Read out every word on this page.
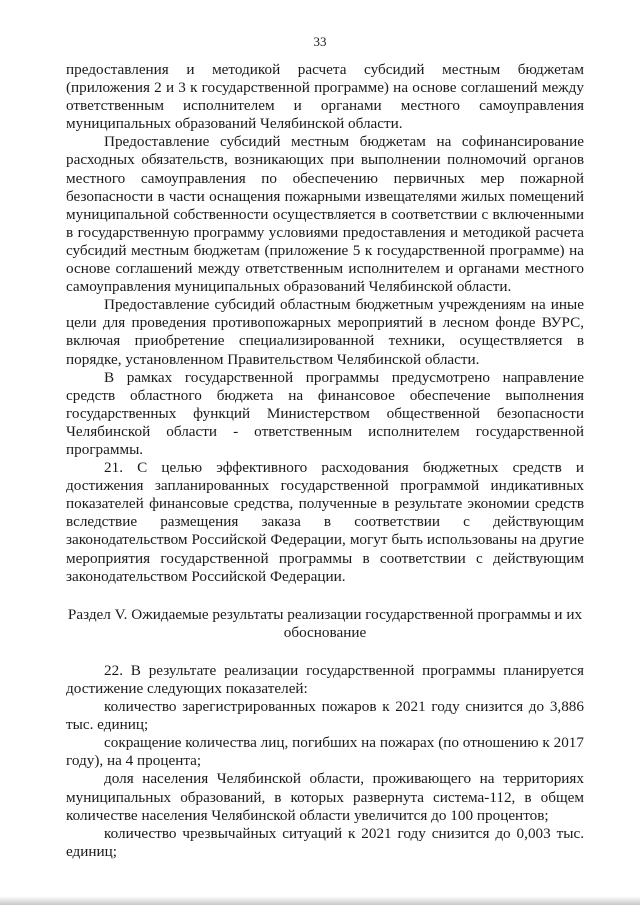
33

предоставления и методикой расчета субсидий местным бюджетам (приложения 2 и 3 к государственной программе) на основе соглашений между ответственным исполнителем и органами местного самоуправления муниципальных образований Челябинской области.

Предоставление субсидий местным бюджетам на софинансирование расходных обязательств, возникающих при выполнении полномочий органов местного самоуправления по обеспечению первичных мер пожарной безопасности в части оснащения пожарными извещателями жилых помещений муниципальной собственности осуществляется в соответствии с включенными в государственную программу условиями предоставления и методикой расчета субсидий местным бюджетам (приложение 5 к государственной программе) на основе соглашений между ответственным исполнителем и органами местного самоуправления муниципальных образований Челябинской области.

Предоставление субсидий областным бюджетным учреждениям на иные цели для проведения противопожарных мероприятий в лесном фонде ВУРС, включая приобретение специализированной техники, осуществляется в порядке, установленном Правительством Челябинской области.

В рамках государственной программы предусмотрено направление средств областного бюджета на финансовое обеспечение выполнения государственных функций Министерством общественной безопасности Челябинской области - ответственным исполнителем государственной программы.

21. С целью эффективного расходования бюджетных средств и достижения запланированных государственной программой индикативных показателей финансовые средства, полученные в результате экономии средств вследствие размещения заказа в соответствии с действующим законодательством Российской Федерации, могут быть использованы на другие мероприятия государственной программы в соответствии с действующим законодательством Российской Федерации.

Раздел V. Ожидаемые результаты реализации государственной программы и их обоснование

22. В результате реализации государственной программы планируется достижение следующих показателей:

количество зарегистрированных пожаров к 2021 году снизится до 3,886 тыс. единиц;

сокращение количества лиц, погибших на пожарах (по отношению к 2017 году), на 4 процента;

доля населения Челябинской области, проживающего на территориях муниципальных образований, в которых развернута система-112, в общем количестве населения Челябинской области увеличится до 100 процентов;

количество чрезвычайных ситуаций к 2021 году снизится до 0,003 тыс. единиц;
